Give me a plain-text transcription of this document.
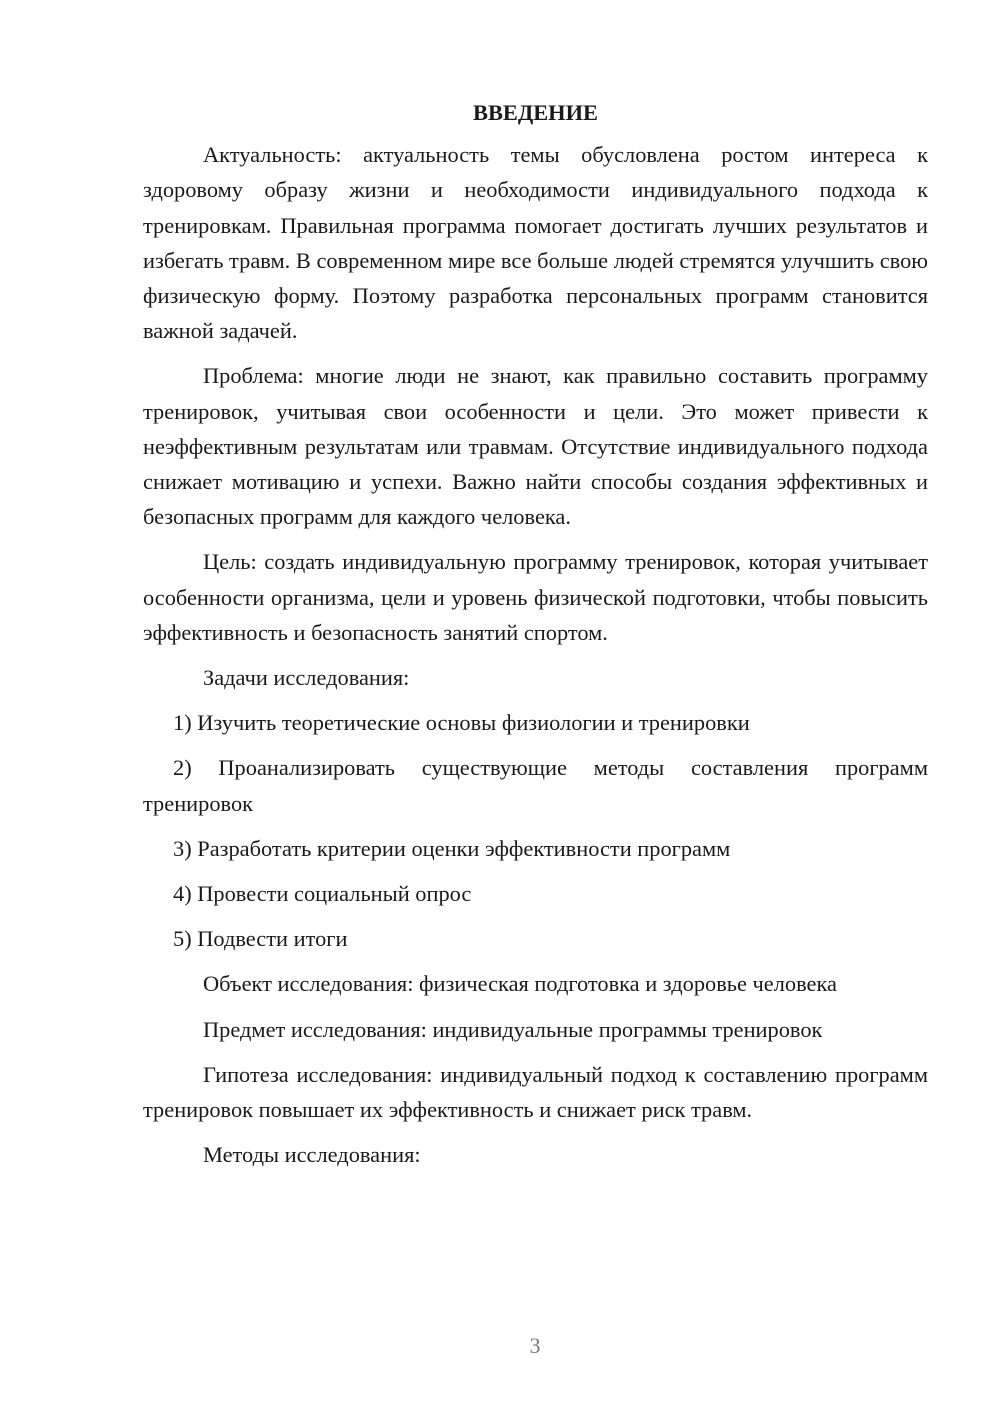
ВВЕДЕНИЕ
Актуальность: актуальность темы обусловлена ростом интереса к здоровому образу жизни и необходимости индивидуального подхода к тренировкам. Правильная программа помогает достигать лучших результатов и избегать травм. В современном мире все больше людей стремятся улучшить свою физическую форму. Поэтому разработка персональных программ становится важной задачей.
Проблема: многие люди не знают, как правильно составить программу тренировок, учитывая свои особенности и цели. Это может привести к неэффективным результатам или травмам. Отсутствие индивидуального подхода снижает мотивацию и успехи. Важно найти способы создания эффективных и безопасных программ для каждого человека.
Цель: создать индивидуальную программу тренировок, которая учитывает особенности организма, цели и уровень физической подготовки, чтобы повысить эффективность и безопасность занятий спортом.
Задачи исследования:
1) Изучить теоретические основы физиологии и тренировки
2) Проанализировать существующие методы составления программ тренировок
3) Разработать критерии оценки эффективности программ
4) Провести социальный опрос
5) Подвести итоги
Объект исследования: физическая подготовка и здоровье человека
Предмет исследования: индивидуальные программы тренировок
Гипотеза исследования: индивидуальный подход к составлению программ тренировок повышает их эффективность и снижает риск травм.
Методы исследования:
3
